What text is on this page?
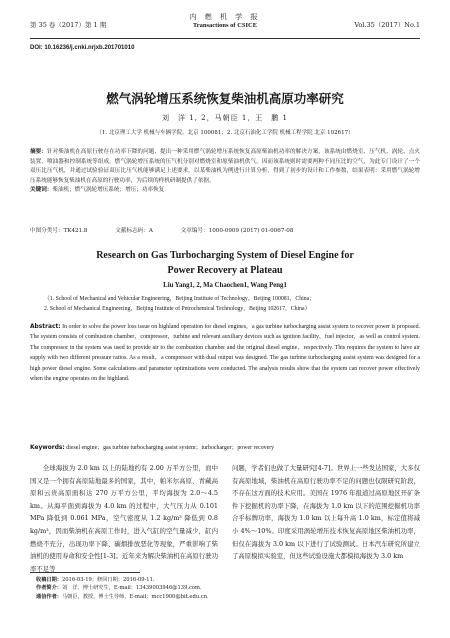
第 35 卷（2017）第 1 期
内 燃 机 学 报
Transactions of CSICE	Vol.35（2017）No.1
DOI: 10.16236/j.cnki.nrjxb.201701010
燃气涡轮增压系统恢复柴油机高原功率研究
刘　洋 1, 2，马朝臣 1，王　鹏 1
（1. 北京理工大学 机械与车辆学院，北京 100081；2. 北京石油化工学院 机械工程学院 北京 102617）
摘要：针对柴油机在高原行驶存在功率下降的问题，提出一种采用燃气涡轮增压系统恢复高原柴油机功率的解决方案，该系统由燃烧室、压气机、涡轮、点火装置、喷油器和控制系统等组成。燃气涡轮增压系统的压气机分别对燃烧室和原柴油机供气，因而该系统则时需要两种不同压比的空气，为此专门设计了一个双压比压气机，并通过试验验证双压比压气机能够满足上述要求。以某柴油机为例进行计算分析，得到了初步的设计和工作参数，结果表明：采用燃气涡轮增压系统能够恢复柴油机在高原的行驶功率，为后续的样机研制提供了依据。
关键词：柴油机；燃气涡轮增压系统；增压；功率恢复
中图分类号：TK421.8	文献标志码：A	文章编号：1000-0909 (2017) 01-0067-08
Research on Gas Turbocharging System of Diesel Engine for
Power Recovery at Plateau
Liu Yang1, 2, Ma Chaochen1, Wang Peng1
（1. School of Mechanical and Vehicular Engineering，Beijing Institute of Technology，Beijing 100081，China；
2. School of Mechanical Engineering，Beijing Institute of Petrochemical Technology，Beijing 102617，China）
Abstract: In order to solve the power loss issue on highland operation for diesel engines，a gas turbine turbocharging assist system to recover power is proposed. The system consists of combustion chamber，compressor，turbine and relevant auxiliary devices such as ignition facility，fuel injector，as well as control system. The compressor in the system was used to provide air to the combustion chamber and the original diesel engine，respectively. This requires the system to have air supply with two different pressure ratios. As a result，a compressor with dual output was designed. The gas turbine turbocharging assist system was designed for a high power diesel engine. Some calculations and parameter optimizations were conducted. The analysis results show that the system can recover power effectively when the engine operates on the highland.
Keywords: diesel engine；gas turbine turbocharging assist system；turbocharger；power recovery

全球海拔为 2.0 km 以上的陆地约有 2.00 万平方公里，而中国又是一个拥有高原陆地最多的国家，其中，帕米尔高原、青藏高原和云贵高原面积达 270 万平方公里，平均海拔为 2.0～4.5 km。从海平面到海拔为 4.0 km 的过程中，大气压力从 0.101 MPa 降低到 0.061 MPa，空气密度从 1.2 kg/m³ 降低到 0.8 kg/m³，因而柴油机在高原工作时，进入气缸的空气量减少，缸内燃烧不充分，出现功率下降、碳烟排放恶化等现象，严重影响了柴油机的使用寿命和安全性[1-3]。近年来为解决柴油机在高原行驶功率不足等

问题，学者们也做了大量研究[4-7]。世界上一些发达国家，大多仅有高原地域，柴油机在高原行驶功率不足的问题也仅限研究阶段，不存在这方面的技术应用。美国在 1976 年报道过高原地区开矿条件下挖掘机的功率下降，在海拔为 1.0 km 以下的范围挖掘机功率合乎标牌功率，海拔为 1.0 km 以上每升高 1.0 km，标定值将减小 4%～10%。印度采用涡轮增压技术恢复高原地区柴油机功率，但仅在海拔为 3.0 km 以下进行了试验测试。日本汽车研究所建立了高原模拟实验室，但这些试验设施大都模拟海拔为 3.0 km

收稿日期：2016-03-19；修回日期：2016-09-11.
作者简介：刘　洋，博士研究生，E-mail：13439003946@139.com.
通信作者：马朝臣，教授，博士生导师，E-mail：mcc1900@bit.edu.cn.
